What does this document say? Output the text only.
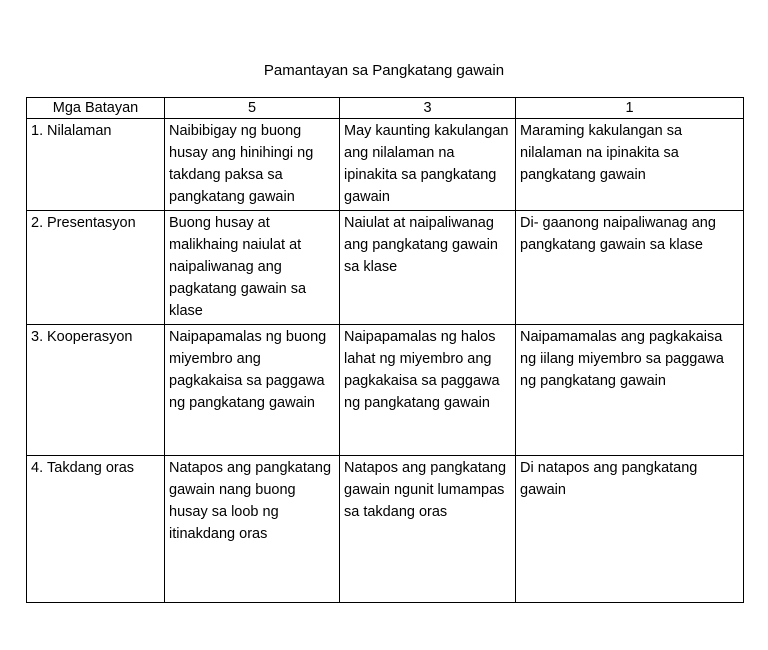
Pamantayan sa Pangkatang gawain
Mga Batayan	5	3	1
1. Nilalaman	Naibibigay ng buong husay ang hinihingi ng takdang paksa sa pangkatang gawain	May kaunting kakulangan ang nilalaman na ipinakita sa pangkatang gawain	Maraming kakulangan sa nilalaman na ipinakita sa pangkatang gawain
2. Presentasyon	Buong husay at malikhaing naiulat at naipaliwanag ang pagkatang gawain sa klase	Naiulat at naipaliwanag ang pangkatang gawain sa klase	Di- gaanong naipaliwanag ang pangkatang gawain sa klase
3. Kooperasyon	Naipapamalas ng buong miyembro ang pagkakaisa sa paggawa ng pangkatang gawain	Naipapamalas ng halos lahat ng miyembro ang pagkakaisa sa paggawa ng pangkatang gawain	Naipamamalas ang pagkakaisa ng iilang miyembro sa paggawa ng pangkatang gawain
4. Takdang oras	Natapos ang pangkatang gawain nang buong husay sa loob ng itinakdang oras	Natapos ang pangkatang gawain ngunit lumampas sa takdang oras	Di natapos ang pangkatang gawain
